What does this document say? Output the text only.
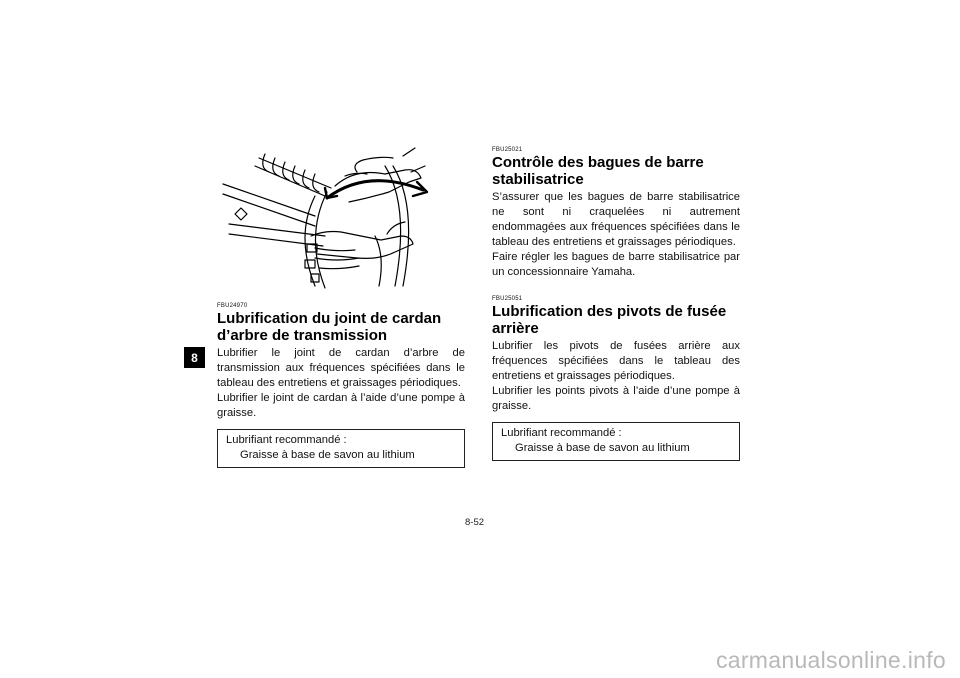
8

FBU24970

Lubrification du joint de cardan d’arbre de transmission

Lubrifier le joint de cardan d’arbre de transmission aux fréquences spécifiées dans le tableau des entretiens et graissages périodiques.
Lubrifier le joint de cardan à l’aide d’une pompe à graisse.

Lubrifiant recommandé :
Graisse à base de savon au lithium

FBU25021

Contrôle des bagues de barre stabilisatrice

S’assurer que les bagues de barre stabilisatrice ne sont ni craquelées ni autrement endommagées aux fréquences spécifiées dans le tableau des entretiens et graissages périodiques.
Faire régler les bagues de barre stabilisatrice par un concessionnaire Yamaha.

FBU25051

Lubrification des pivots de fusée arrière

Lubrifier les pivots de fusées arrière aux fréquences spécifiées dans le tableau des entretiens et graissages périodiques.
Lubrifier les points pivots à l’aide d’une pompe à graisse.

Lubrifiant recommandé :
Graisse à base de savon au lithium
8-52
carmanualsonline.info
